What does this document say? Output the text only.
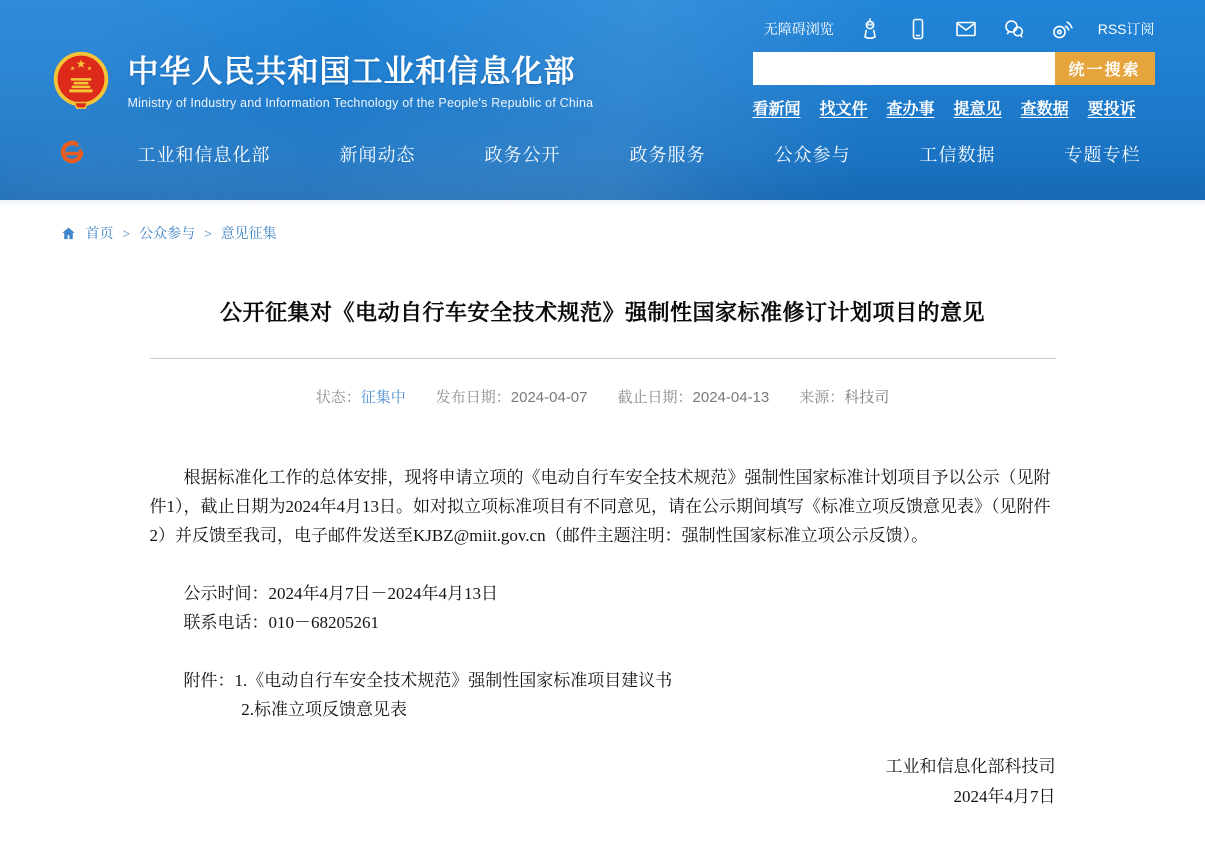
无障碍浏览	RSS订阅
中华人民共和国工业和信息化部
Ministry of Industry and Information Technology of the People's Republic of China
统一搜索
看新闻 找文件 查办事 提意见 查数据 要投诉
工业和信息化部	新闻动态	政务公开	政务服务	公众参与	工信数据	专题专栏
首页 > 公众参与 > 意见征集
公开征集对《电动自行车安全技术规范》强制性国家标准修订计划项目的意见
状态：征集中 发布日期：2024-04-07 截止日期：2024-04-13 来源：科技司

根据标准化工作的总体安排，现将申请立项的《电动自行车安全技术规范》强制性国家标准计划项目予以公示（见附件1），截止日期为2024年4月13日。如对拟立项标准项目有不同意见，请在公示期间填写《标准立项反馈意见表》（见附件2）并反馈至我司，电子邮件发送至KJBZ@miit.gov.cn（邮件主题注明：强制性国家标准立项公示反馈）。

公示时间：2024年4月7日－2024年4月13日

联系电话：010－68205261

附件：1.《电动自行车安全技术规范》强制性国家标准项目建议书

2.标准立项反馈意见表

工业和信息化部科技司
2024年4月7日
